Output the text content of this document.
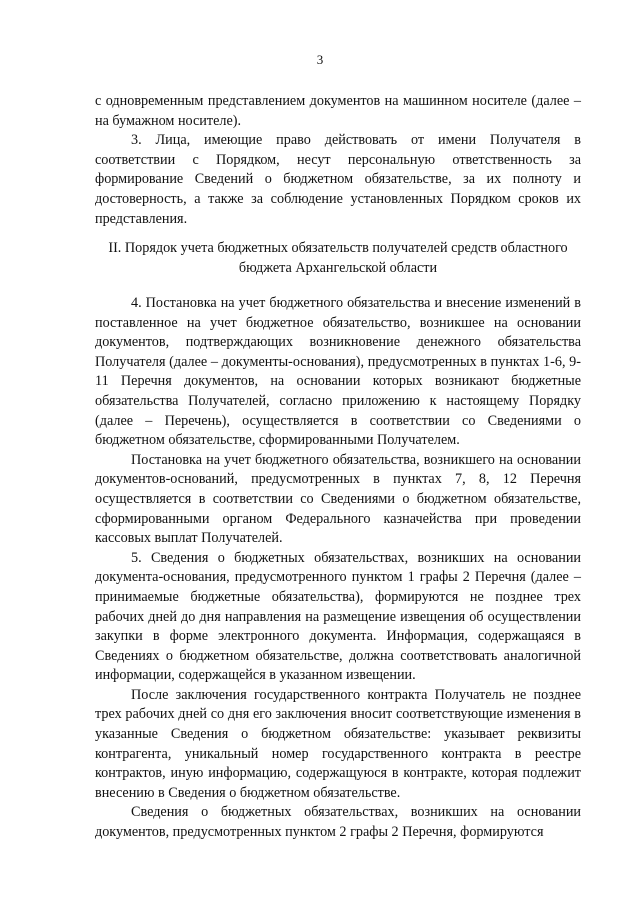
3

с одновременным представлением документов на машинном носителе (далее – на бумажном носителе).

3. Лица, имеющие право действовать от имени Получателя в соответствии с Порядком, несут персональную ответственность за формирование Сведений о бюджетном обязательстве, за их полноту и достоверность, а также за соблюдение установленных Порядком сроков их представления.

II. Порядок учета бюджетных обязательств получателей средств областного
бюджета Архангельской области

4. Постановка на учет бюджетного обязательства и внесение изменений в поставленное на учет бюджетное обязательство, возникшее на основании документов, подтверждающих возникновение денежного обязательства Получателя (далее – документы-основания), предусмотренных в пунктах 1-6, 9-11 Перечня документов, на основании которых возникают бюджетные обязательства Получателей, согласно приложению к настоящему Порядку (далее – Перечень), осуществляется в соответствии со Сведениями о бюджетном обязательстве, сформированными Получателем.

Постановка на учет бюджетного обязательства, возникшего на основании документов-оснований, предусмотренных в пунктах 7, 8, 12 Перечня осуществляется в соответствии со Сведениями о бюджетном обязательстве, сформированными органом Федерального казначейства при проведении кассовых выплат Получателей.

5. Сведения о бюджетных обязательствах, возникших на основании документа-основания, предусмотренного пунктом 1 графы 2 Перечня (далее – принимаемые бюджетные обязательства), формируются не позднее трех рабочих дней до дня направления на размещение извещения об осуществлении закупки в форме электронного документа. Информация, содержащаяся в Сведениях о бюджетном обязательстве, должна соответствовать аналогичной информации, содержащейся в указанном извещении.

После заключения государственного контракта Получатель не позднее трех рабочих дней со дня его заключения вносит соответствующие изменения в указанные Сведения о бюджетном обязательстве: указывает реквизиты контрагента, уникальный номер государственного контракта в реестре контрактов, иную информацию, содержащуюся в контракте, которая подлежит внесению в Сведения о бюджетном обязательстве.

Сведения о бюджетных обязательствах, возникших на основании документов, предусмотренных пунктом 2 графы 2 Перечня, формируются
